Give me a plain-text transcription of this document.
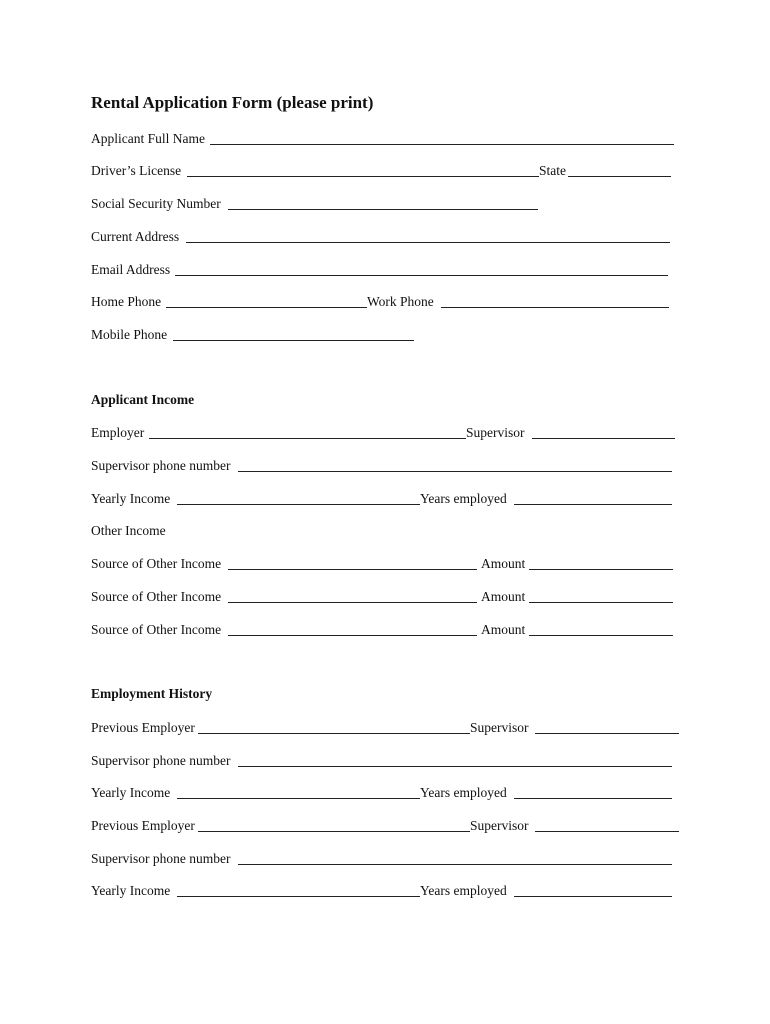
Rental Application Form (please print)
Applicant Full Name
Driver’s License	State
Social Security Number
Current Address
Email Address
Home Phone	Work Phone
Mobile Phone
Applicant Income
Employer	Supervisor
Supervisor phone number
Yearly Income	Years employed
Other Income
Source of Other Income	Amount
Source of Other Income	Amount
Source of Other Income	Amount
Employment History
Previous Employer	Supervisor
Supervisor phone number
Yearly Income	Years employed
Previous Employer	Supervisor
Supervisor phone number
Yearly Income	Years employed
